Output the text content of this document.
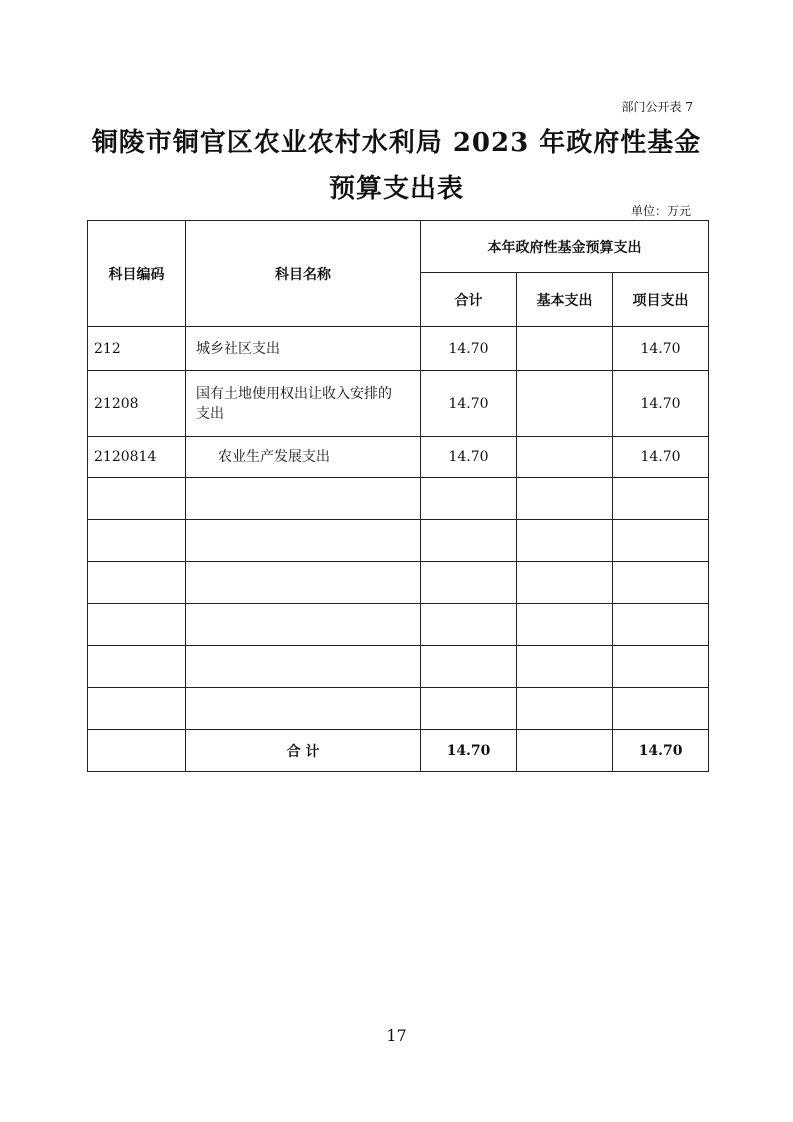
部门公开表 7
铜陵市铜官区农业农村水利局 2023 年政府性基金
预算支出表
单位：万元
科目编码	科目名称	本年政府性基金预算支出		
		合计	基本支出	项目支出
212	城乡社区支出	14.70		14.70
21208	国有土地使用权出让收入安排的支出	14.70		14.70
2120814	农业生产发展支出	14.70		14.70

	合 计	14.70		14.70
17
